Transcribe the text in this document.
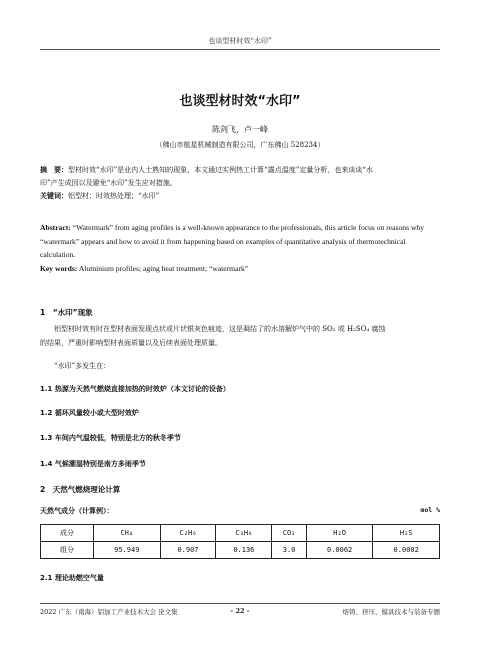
也谈型材时效“水印”
也谈型材时效“水印”
陈剑飞，卢一峰
（佛山市航星机械制造有限公司，广东佛山 528234）
摘　要：型材时效“水印”是业内人士熟知的现象，本文通过实例热工计算“露点温度”定量分析，也来谈谈“水
印”产生成因以及避免“水印”发生应对措施。
关键词：铝型材；时效热处理；“水印”
Abstract: “Watermark” from aging profiles is a well-known appearance to the professionals, this article focus on reasons why
“watermark” appears and how to avoid it from happening based on examples of quantitative analysis of thermotechnical
calculation.
Key words: Aluminium profiles; aging heat treatment; “watermark”
1　“水印”现象
铝型材时效有时在型材表面发现点状或片状银灰色痕迹，这是凝结了的水溶解炉气中的 SO₂ 或 H₂SO₄ 腐蚀
的结果，严重时影响型材表面质量以及后续表面处理质量。
“水印”多发生在：
1.1 热源为天然气燃烧直接加热的时效炉（本文讨论的设备）
1.2 循环风量较小或大型时效炉
1.3 车间内气温较低，特别是北方的秋冬季节
1.4 气候潮湿特别是南方多雨季节
2　天然气燃烧理论计算
天然气成分（计算例）：	mol %
成分	CH₄	C₂H₆	C₃H₈	CO₂	H₂O	H₂S
组分	95.949	0.907	0.136	3.0	0.0062	0.0002
2.1 理论助燃空气量
2022 广东（南海）铝加工产业技术大会 论文集	- 22 -	熔铸、挤压、模具技术与装备专题
